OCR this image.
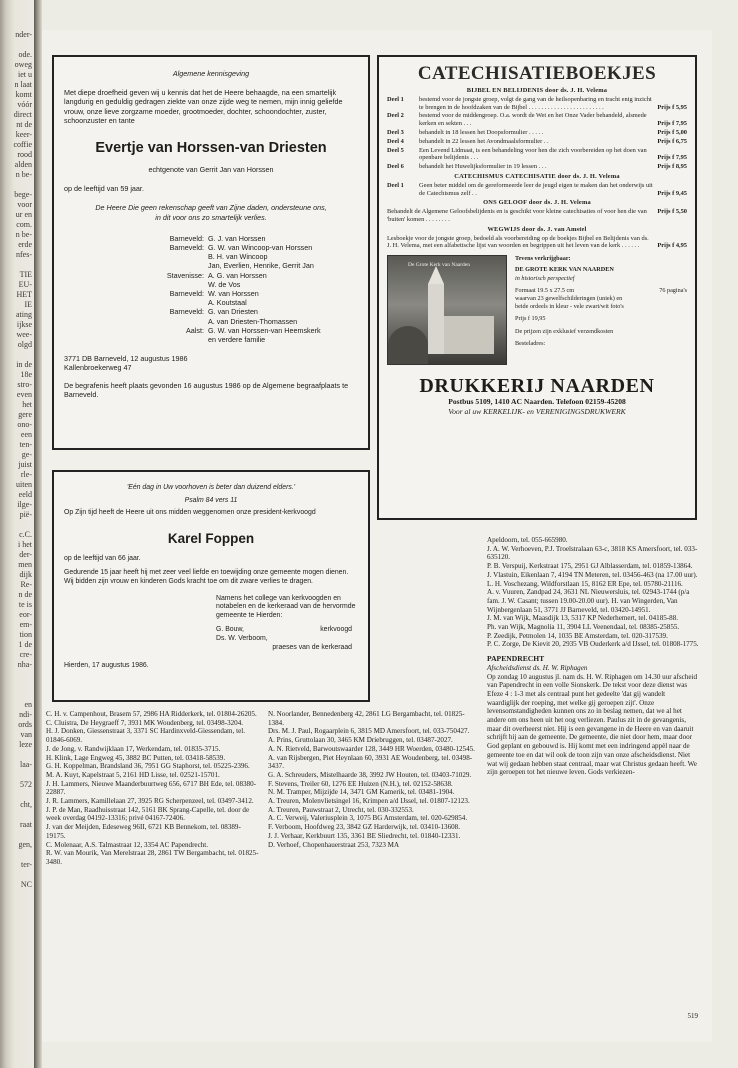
nder-

ode.
oweg
iet u
n laat
komt
vóór
direct
nt de
keer-
coffie
rood
alden
n be-

bege-
voor
ur en
com.
n be-
erde
nfes-

TIE
EU-
HET
IE
ating
ijkse
wee-
olgd

in de
18e
stro-
even
het
gere
ono-
een
ten-
ge-
juist
rle-
uiten
eeld
ilge-
pië-

c.C.
i het
der-
men
dijk
Re-
n de
te is
eor-
em-
tion
1 de
cre-
nha-

en
ndi-
ords
van
leze

laa-

572

cht,

raat

gen,

ter-

NC
Algemene kennisgeving
Met diepe droefheid geven wij u kennis dat het de Heere behaagde, na een smartelijk langdurig en geduldig gedragen ziekte van onze zijde weg te nemen, mijn innig geliefde vrouw, onze lieve zorgzame moeder, grootmoeder, dochter, schoondochter, zuster, schoonzuster en tante
Evertje van Horssen-van Driesten
echtgenote van Gerrit Jan van Horssen
op de leeftijd van 59 jaar.
De Heere Die geen rekenschap geeft van Zijne daden, ondersteune ons, in dit voor ons zo smartelijk verlies.
Barneveld: G. J. van Horssen
Barneveld: G. W. van Wincoop-van Horssen
B. H. van Wincoop
Jan, Everlien, Henrike, Gerrit Jan
Stavenisse: A. G. van Horssen
W. de Vos
Barneveld: W. van Horssen
A. Koutstaal
Barneveld: G. van Driesten
A. van Driesten-Thomassen
Aalst: G. W. van Horssen-van Heemskerk
en verdere familie
3771 DB Barneveld, 12 augustus 1986
Kallenbroekerweg 47
De begrafenis heeft plaats gevonden 16 augustus 1986 op de Algemene begraafplaats te Barneveld.
'Eén dag in Uw voorhoven is beter dan duizend elders.'
Psalm 84 vers 11
Op Zijn tijd heeft de Heere uit ons midden weggenomen onze president-kerkvoogd
Karel Foppen
op de leeftijd van 66 jaar.
Gedurende 15 jaar heeft hij met zeer veel liefde en toewijding onze gemeente mogen dienen.
Wij bidden zijn vrouw en kinderen Gods kracht toe om dit zware verlies te dragen.
Namens het college van kerkvoogden en notabelen en de kerkeraad van de hervormde gemeente te Hierden:
G. Bouw,	kerkvoogd
Ds. W. Verboom,
praeses van de kerkeraad
Hierden, 17 augustus 1986.
CATECHISATIEBOEKJES
BIJBEL EN BELIJDENIS door ds. J. H. Velema
Deel 1	bestemd voor de jongste groep, volgt de gang van de heilsopenbaring en tracht enig inzicht te brengen in de hoofdzaken van de Bijbel . . . . . . . . . . . . . . . . . . . . . . . .	Prijs f 5,95
Deel 2	bestemd voor de middengroep. O.a. wordt de Wet en het Onze Vader behandeld, alsmede kerken en sekten . . .	Prijs f 7,95
Deel 3	behandelt in 18 lessen het Doopsformulier . . . . .	Prijs f 5,00
Deel 4	behandelt in 22 lessen het Avondmaalsformulier . .	Prijs f 6,75
Deel 5	Een Levend Lidmaat, is een behandeling voor hen die zich voorbereiden op het doen van openbare belijdenis . . .	Prijs f 7,95
Deel 6	behandelt het Huwelijksformulier in 19 lessen . . .	Prijs f 8,95
CATECHISMUS CATECHISATIE door ds. J. H. Velema
Deel 1	Geen beter middel om de gereformeerde leer de jeugd eigen te maken dan het onderwijs uit de Catechismus zelf . .	Prijs f 9,45
ONS GELOOF door ds. J. H. Velema
Behandelt de Algemene Geloofsbelijdenis en is geschikt voor kleine catechisaties of voor hen die van 'buiten' komen . . . . . . . .
Prijs f 5,50
WEGWIJS door ds. J. van Amstel
Lesboekje voor de jongste groep, bedoeld als voorbereiding op de boekjes Bijbel en Belijdenis van ds. J. H. Velema, met een alfabetische lijst van woorden en begrippen uit het leven van de kerk . . . . . .	Prijs f 4,95
De Grote Kerk van Naarden
Tevens verkrijgbaar:
DE GROTE KERK VAN NAARDEN
in historisch perspectief
Formaat 19.5 x 27.5 cm	76 pagina's
waarvan 23 gewelfschilderingen (uniek) en
beide ordeels in kleur - vele zwart/wit foto's
Prijs f 19,95
De prijzen zijn exklusief verzendkosten
Besteladres:
DRUKKERIJ NAARDEN
Postbus 5109, 1410 AC Naarden. Telefoon 02159-45208
Voor al uw KERKELIJK- en VERENIGINGSDRUKWERK
C. H. v. Campenhout, Brasem 57, 2986 HA Ridderkerk, tel. 01804-26205.
C. Cluistra, De Heygraeff 7, 3931 MK Woudenberg, tel. 03498-3204.
H. J. Donken, Giessenstraat 3, 3371 SC Hardinxveld-Giessendam, tel. 01846-6069.
J. de Jong, v. Randwijklaan 17, Werkendam, tel. 01835-3715.
H. Klink, Lage Engweg 45, 3882 BC Putten, tel. 03418-58539.
G. H. Koppelman, Brandsland 36, 7951 GG Staphorst, tel. 05225-2396.
M. A. Kuyt, Kapelstraat 5, 2161 HD Lisse, tel. 02521-15701.
J. H. Lammers, Nieuwe Maanderbuurtweg 656, 6717 BH Ede, tel. 08380-22887.
J. R. Lammers, Kamillelaan 27, 3925 RG Scherpenzeel, tel. 03497-3412.
J. P. de Man, Raadhuisstraat 142, 5161 BK Sprang-Capelle, tel. door de week overdag 04192-13316; privé 04167-72406.
J. van der Meijden, Edeseweg 96II, 6721 KB Bennekom, tel. 08389-19175.
C. Molenaar, A.S. Talmastraat 12, 3354 AC Papendrecht.
R. W. van Mourik, Van Merelstraat 28, 2861 TW Bergambacht, tel. 01825-3480.
N. Noorlander, Bennedenberg 42, 2861 LG Bergambacht, tel. 01825-1384.
Drs. M. J. Paul, Rogaarplein 6, 3815 MD Amersfoort, tel. 033-750427.
A. Prins, Gruttolaan 30, 3465 KM Driebruggen, tel. 03487-2027.
A. N. Rietveld, Barwoutswaarder 128, 3449 HR Woerden, 03480-12545.
A. van Rijsbergen, Piet Heynlaan 60, 3931 AE Woudenberg, tel. 03498-3437.
G. A. Schreuders, Mistelhaarde 38, 3992 JW Houten, tel. 03403-71029.
F. Stevens, Treiler 60, 1276 EE Huizen (N.H.), tel. 02152-58638.
N. M. Tramper, Mijzijde 14, 3471 GM Kamerik, tel. 03481-1904.
A. Treuren, Molenvlietsingel 16, Krimpen a/d IJssel, tel. 01807-12123.
A. Treuren, Pauwstraat 2, Utrecht, tel. 030-332553.
A. C. Verweij, Valeriusplein 3, 1075 BG Amsterdam, tel. 020-629854.
F. Verboom, Hoofdweg 23, 3842 GZ Harderwijk, tel. 03410-13608.
J. J. Verhaar, Kerkbuurt 135, 3361 BE Sliedrecht, tel. 01840-12331.
D. Verhoef, Chopenhauerstraat 253, 7323 MA
Apeldoorn, tel. 055-665980.
J. A. W. Verhoeven, P.J. Troelstralaan 63-c, 3818 KS Amersfoort, tel. 033-635120.
P. B. Verspuij, Kerkstraat 175, 2951 GJ Alblasserdam, tel. 01859-13864.
J. Vlastuin, Eikenlaan 7, 4194 TN Meteren, tel. 03456-463 (na 17.00 uur).
L. H. Voschezang, Wildforstlaan 15, 8162 ER Epe, tel. 05780-21116.
A. v. Vuuren, Zandpad 24, 3631 NL Nieuwersluis, tel. 02943-1744 (p/a fam. J. W. Casant; tussen 19.00-20.00 uur). H. van Wingerden, Van Wijnbergenlaan 51, 3771 JJ Barneveld, tel. 03420-14951.
J. M. van Wijk, Maasdijk 13, 5317 KP Nederhemert, tel. 04185-88.
Ph. van Wijk, Magnolia 11, 3904 LL Veenendaal, tel. 08385-25855.
P. Zeedijk, Petmolen 14, 1035 BE Amsterdam, tel. 020-317539.
P. C. Zorge, De Kievit 20, 2935 VB Ouderkerk a/d IJssel, tel. 01808-1775.
PAPENDRECHT
Afscheidsdienst ds. H. W. Riphagen
Op zondag 10 augustus jl. nam ds. H. W. Riphagen om 14.30 uur afscheid van Papendrecht in een volle Sionskerk. De tekst voor deze dienst was Efeze 4 : 1-3 met als centraal punt het gedeelte 'dat gij wandelt waardiglijk der roeping, met welke gij geroepen zijt'. Onze levensomstandigheden kunnen ons zo in beslag nemen, dat we al het andere om ons heen uit het oog verliezen. Paulus zit in de gevangenis, maar dit overheerst niet. Hij is een gevangene in de Heere en van daaruit schrijft hij aan de gemeente. De gemeente, die niet door hem, maar door God geplant en gebouwd is. Hij komt met een indringend appèl naar de gemeente toe en dat wil ook de toon zijn van onze afscheidsdienst. Niet wat wij gedaan hebben staat centraal, maar wat Christus gedaan heeft. We zijn geroepen tot het nieuwe leven. Gods verkiezen-
519
